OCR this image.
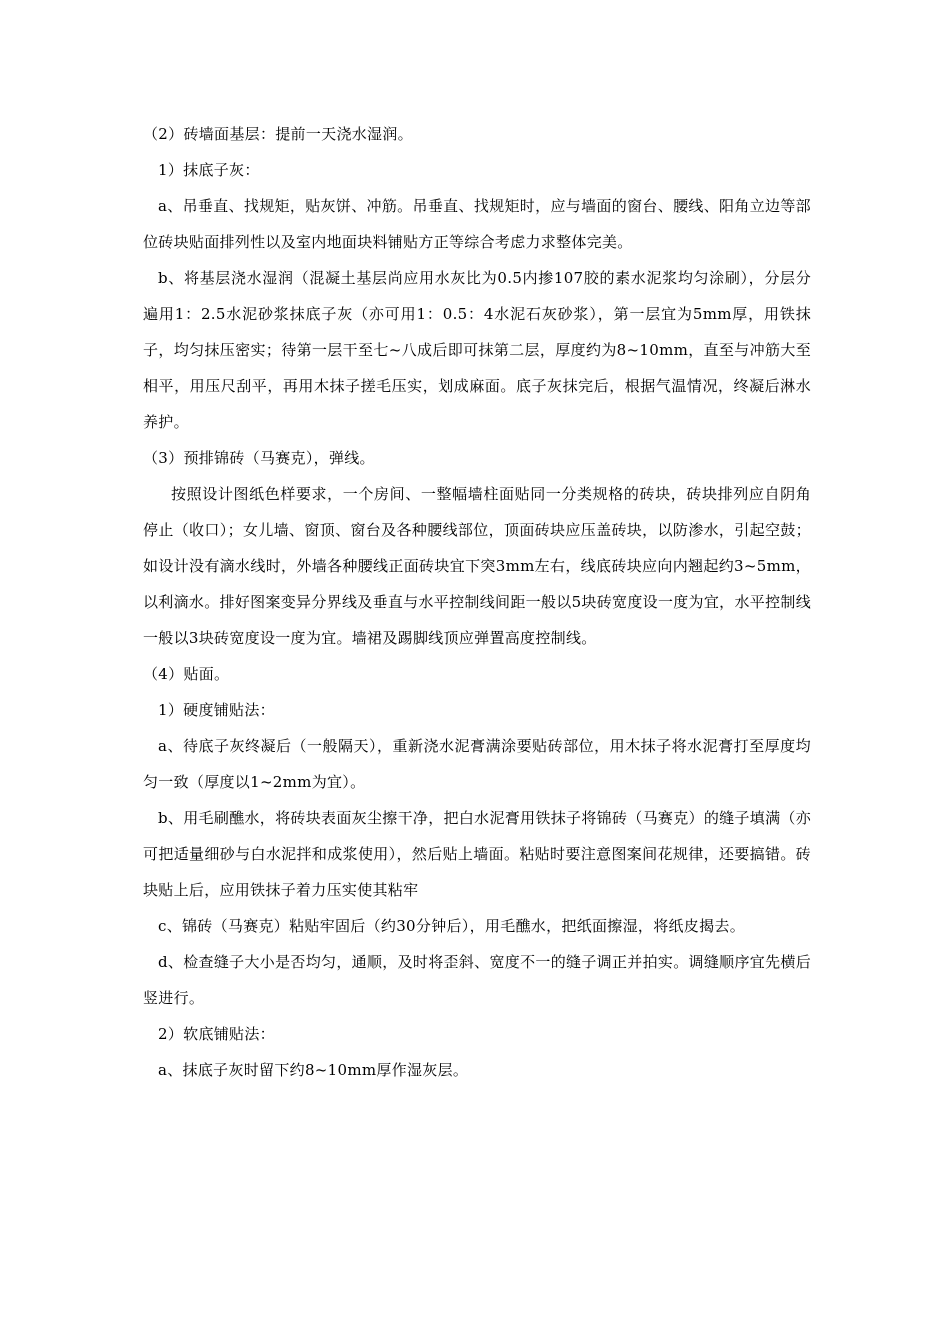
（2）砖墙面基层：提前一天浇水湿润。

1）抹底子灰：

a、吊垂直、找规矩，贴灰饼、冲筋。吊垂直、找规矩时，应与墙面的窗台、腰线、阳角立边等部位砖块贴面排列性以及室内地面块料铺贴方正等综合考虑力求整体完美。

b、将基层浇水湿润（混凝土基层尚应用水灰比为0.5内掺107胶的素水泥浆均匀涂刷），分层分遍用1：2.5水泥砂浆抹底子灰（亦可用1：0.5：4水泥石灰砂浆），第一层宜为5mm厚，用铁抹子，均匀抹压密实；待第一层干至七~八成后即可抹第二层，厚度约为8~10mm，直至与冲筋大至相平，用压尺刮平，再用木抹子搓毛压实，划成麻面。底子灰抹完后，根据气温情况，终凝后淋水养护。

（3）预排锦砖（马赛克），弹线。

按照设计图纸色样要求，一个房间、一整幅墙柱面贴同一分类规格的砖块，砖块排列应自阴角停止（收口）；女儿墙、窗顶、窗台及各种腰线部位，顶面砖块应压盖砖块，以防渗水，引起空鼓；如设计没有滴水线时，外墙各种腰线正面砖块宜下突3mm左右，线底砖块应向内翘起约3~5mm，以利滴水。排好图案变异分界线及垂直与水平控制线间距一般以5块砖宽度设一度为宜，水平控制线一般以3块砖宽度设一度为宜。墙裙及踢脚线顶应弹置高度控制线。

（4）贴面。

1）硬度铺贴法：

a、待底子灰终凝后（一般隔天），重新浇水泥膏满涂要贴砖部位，用木抹子将水泥膏打至厚度均匀一致（厚度以1~2mm为宜）。

b、用毛刷醮水，将砖块表面灰尘擦干净，把白水泥膏用铁抹子将锦砖（马赛克）的缝子填满（亦可把适量细砂与白水泥拌和成浆使用），然后贴上墙面。粘贴时要注意图案间花规律，还要搞错。砖块贴上后，应用铁抹子着力压实使其粘牢

c、锦砖（马赛克）粘贴牢固后（约30分钟后），用毛醮水，把纸面擦湿，将纸皮揭去。

d、检查缝子大小是否均匀，通顺，及时将歪斜、宽度不一的缝子调正并拍实。调缝顺序宜先横后竖进行。

2）软底铺贴法：

a、抹底子灰时留下约8~10mm厚作湿灰层。
